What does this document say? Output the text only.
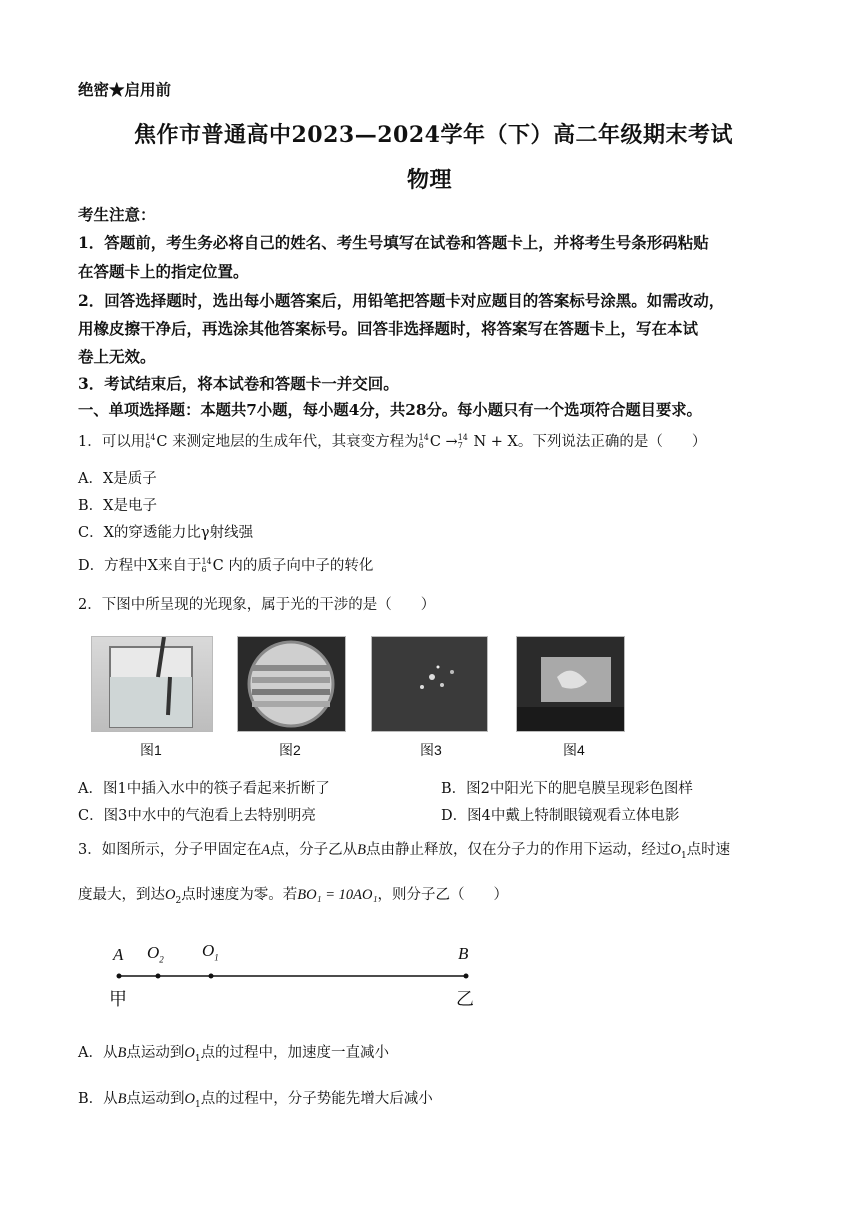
绝密★启用前
焦作市普通高中2023—2024学年（下）高二年级期末考试
物理
考生注意：
1．答题前，考生务必将自己的姓名、考生号填写在试卷和答题卡上，并将考生号条形码粘贴
在答题卡上的指定位置。
2．回答选择题时，选出每小题答案后，用铅笔把答题卡对应题目的答案标号涂黑。如需改动，
用橡皮擦干净后，再选涂其他答案标号。回答非选择题时，将答案写在答题卡上，写在本试
卷上无效。
3．考试结束后，将本试卷和答题卡一并交回。
一、单项选择题：本题共7小题，每小题4分，共28分。每小题只有一个选项符合题目要求。
1．可以用 14
6 C 来测定地层的生成年代，其衰变方程为 14
6 C → 14
7 N + X。下列说法正确的是（　　）
A．X是质子
B．X是电子
C．X的穿透能力比γ射线强
D．方程中X来自于 14
6 C 内的质子向中子的转化
2．下图中所呈现的光现象，属于光的干涉的是（　　）
图1	图2	图3	图4
A．图1中插入水中的筷子看起来折断了	B．图2中阳光下的肥皂膜呈现彩色图样
C．图3中水中的气泡看上去特别明亮	D．图4中戴上特制眼镜观看立体电影
3．如图所示，分子甲固定在A点，分子乙从B点由静止释放，仅在分子力的作用下运动，经过$O_1$点时速
度最大，到达$O_2$点时速度为零。若BO₁ = 10AO₁，则分子乙（　　）
A $O_2$ $O_1$	B
甲	乙
A．从B点运动到$O_1$点的过程中，加速度一直减小
B．从B点运动到$O_1$点的过程中，分子势能先增大后减小
